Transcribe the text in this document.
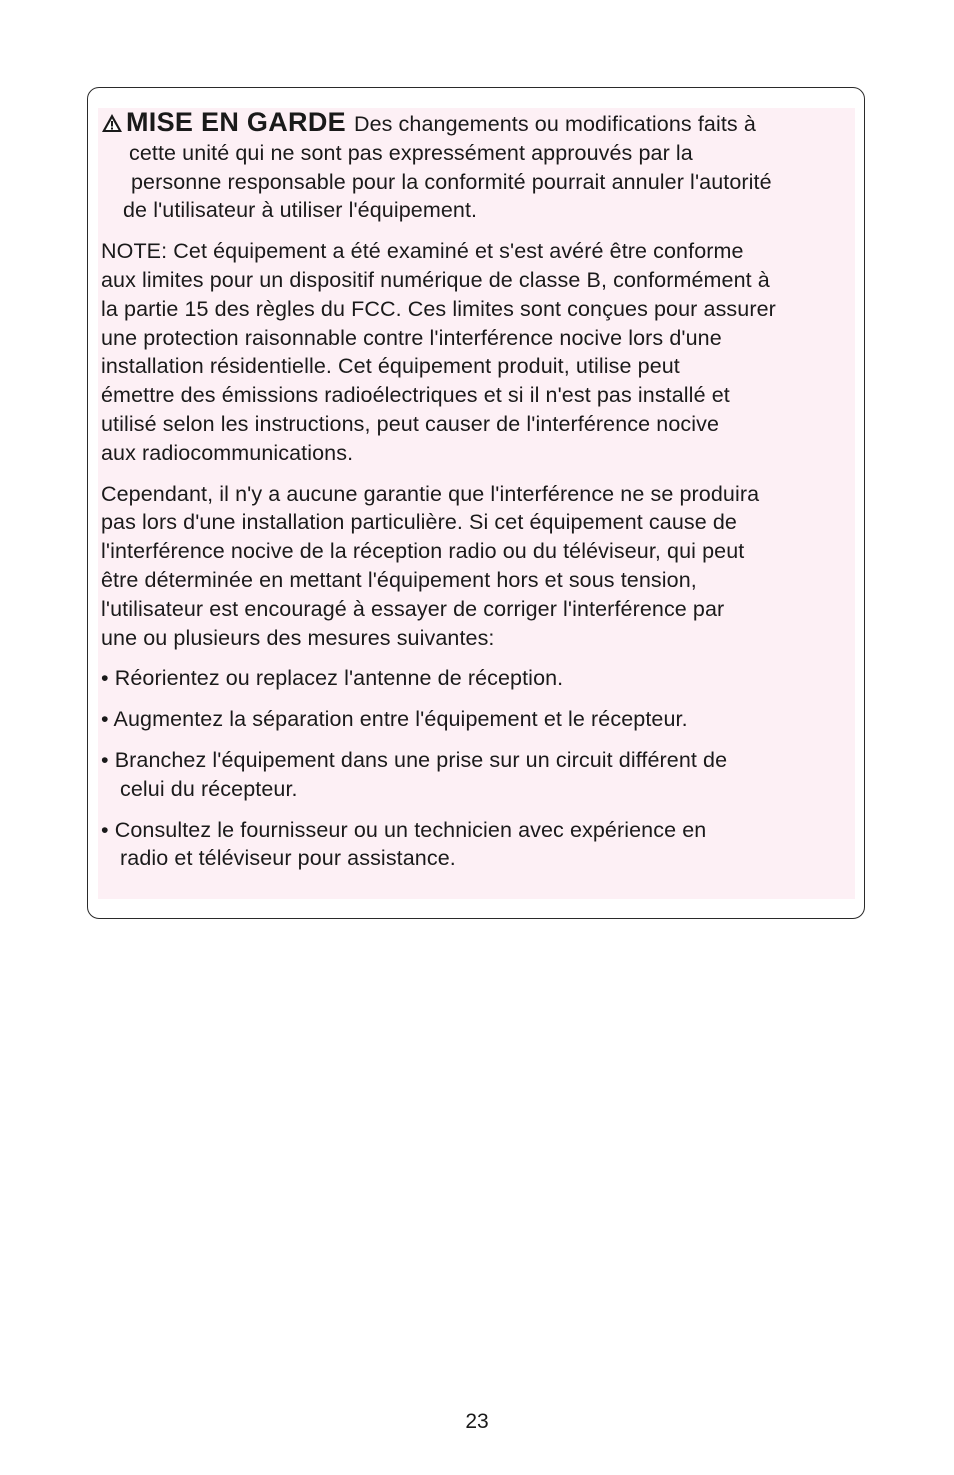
MISE EN GARDE Des changements ou modifications faits à
cette unité qui ne sont pas expressément approuvés par la
personne responsable pour la conformité pourrait annuler l'autorité
de l'utilisateur à utiliser l'équipement.
NOTE: Cet équipement a été examiné et s'est avéré être conforme
aux limites pour un dispositif numérique de classe B, conformément à
la partie 15 des règles du FCC. Ces limites sont conçues pour assurer
une protection raisonnable contre l'interférence nocive lors d'une
installation résidentielle. Cet équipement produit, utilise peut
émettre des émissions radioélectriques et si il n'est pas installé et
utilisé selon les instructions, peut causer de l'interférence nocive
aux radiocommunications.
Cependant, il n'y a aucune garantie que l'interférence ne se produira
pas lors d'une installation particulière. Si cet équipement cause de
l'interférence nocive de la réception radio ou du téléviseur, qui peut
être déterminée en mettant l'équipement hors et sous tension,
l'utilisateur est encouragé à essayer de corriger l'interférence par
une ou plusieurs des mesures suivantes:
• Réorientez ou replacez l'antenne de réception.
• Augmentez la séparation entre l'équipement et le récepteur.
• Branchez l'équipement dans une prise sur un circuit différent de
celui du récepteur.
• Consultez le fournisseur ou un technicien avec expérience en
radio et téléviseur pour assistance.
23
